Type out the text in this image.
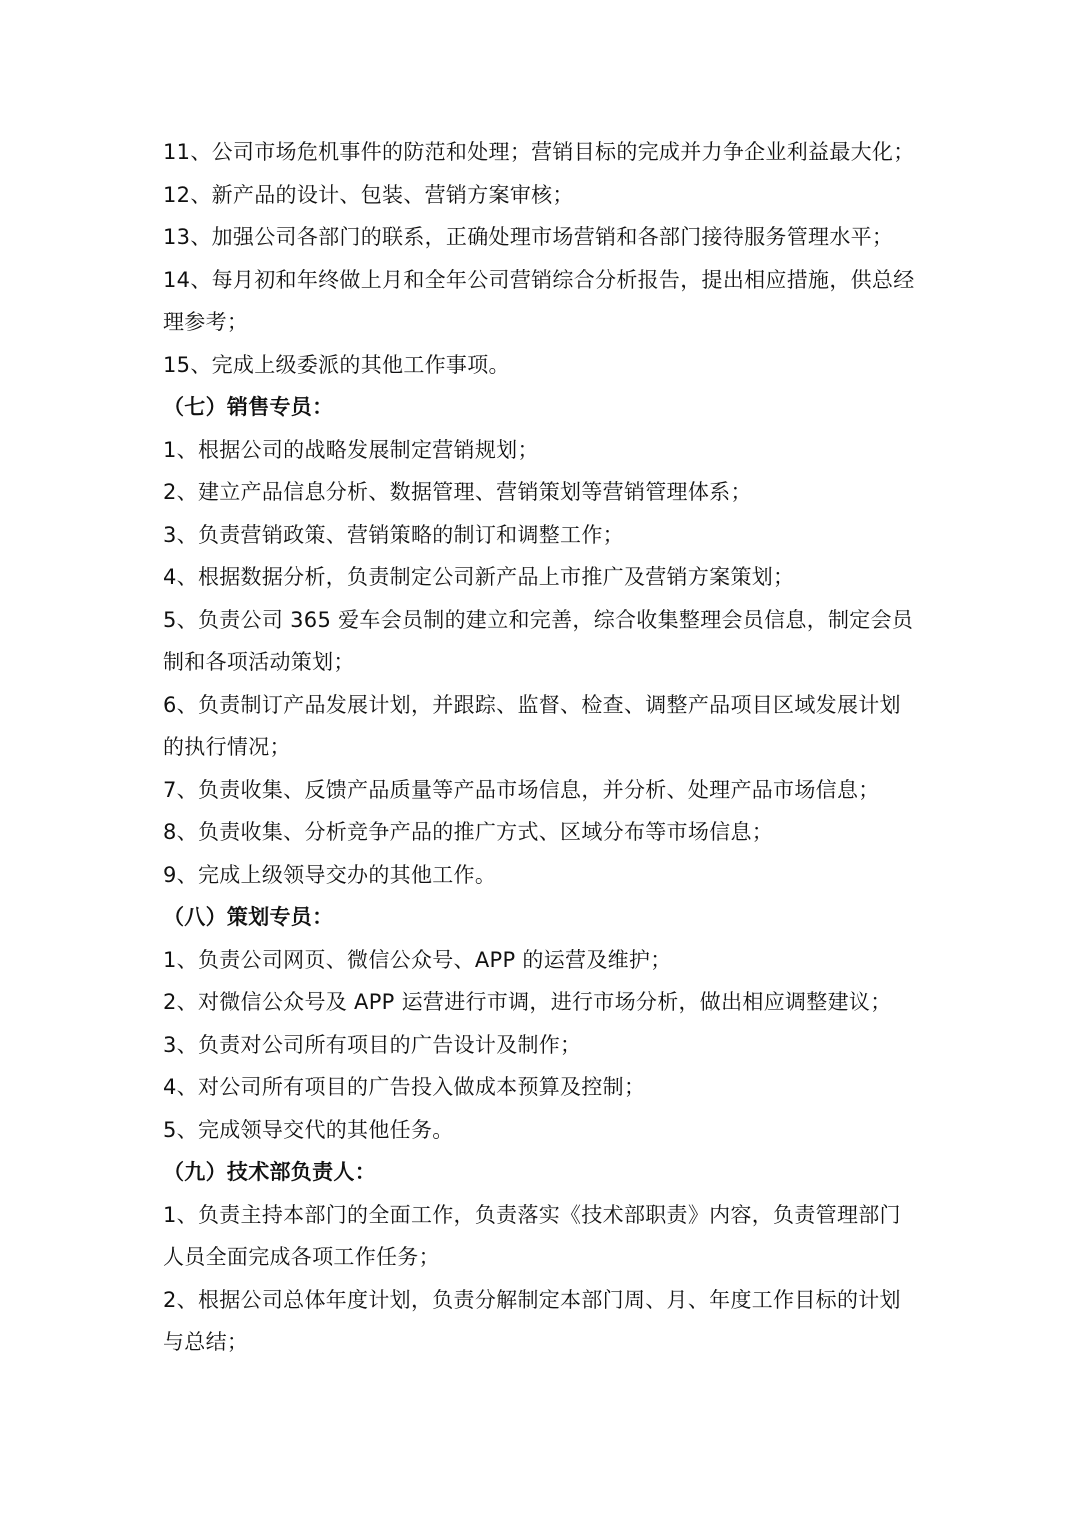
11、公司市场危机事件的防范和处理；营销目标的完成并力争企业利益最大化；
12、新产品的设计、包装、营销方案审核；
13、加强公司各部门的联系，正确处理市场营销和各部门接待服务管理水平；
14、每月初和年终做上月和全年公司营销综合分析报告，提出相应措施，供总经
理参考；
15、完成上级委派的其他工作事项。
（七）销售专员：
1、根据公司的战略发展制定营销规划；
2、建立产品信息分析、数据管理、营销策划等营销管理体系；
3、负责营销政策、营销策略的制订和调整工作；
4、根据数据分析，负责制定公司新产品上市推广及营销方案策划；
5、负责公司 365 爱车会员制的建立和完善，综合收集整理会员信息，制定会员
制和各项活动策划；
6、负责制订产品发展计划，并跟踪、监督、检查、调整产品项目区域发展计划
的执行情况；
7、负责收集、反馈产品质量等产品市场信息，并分析、处理产品市场信息；
8、负责收集、分析竞争产品的推广方式、区域分布等市场信息；
9、完成上级领导交办的其他工作。
（八）策划专员：
1、负责公司网页、微信公众号、APP 的运营及维护；
2、对微信公众号及 APP 运营进行市调，进行市场分析，做出相应调整建议；
3、负责对公司所有项目的广告设计及制作；
4、对公司所有项目的广告投入做成本预算及控制；
5、完成领导交代的其他任务。
（九）技术部负责人：
1、负责主持本部门的全面工作，负责落实《技术部职责》内容，负责管理部门
人员全面完成各项工作任务；
2、根据公司总体年度计划，负责分解制定本部门周、月、年度工作目标的计划
与总结；
